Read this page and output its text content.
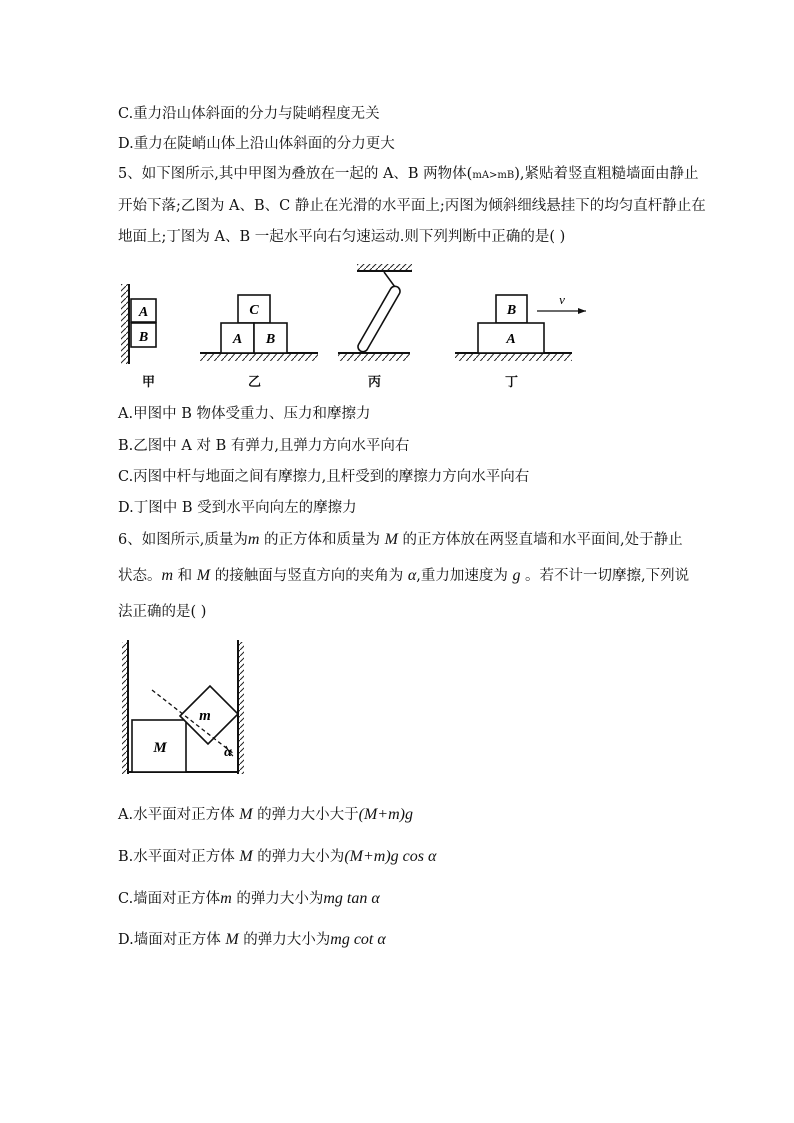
C.重力沿山体斜面的分力与陡峭程度无关
D.重力在陡峭山体上沿山体斜面的分力更大
5、如下图所示,其中甲图为叠放在一起的 A、B 两物体(mA>mB),紧贴着竖直粗糙墙面由静止
开始下落;乙图为 A、B、C 静止在光滑的水平面上;丙图为倾斜细线悬挂下的均匀直杆静止在
地面上;丁图为 A、B 一起水平向右匀速运动.则下列判断中正确的是( )
A
B
C
A B
B
A
v
甲	乙	丙	丁
A.甲图中 B 物体受重力、压力和摩擦力
B.乙图中 A 对 B 有弹力,且弹力方向水平向右
C.丙图中杆与地面之间有摩擦力,且杆受到的摩擦力方向水平向右
D.丁图中 B 受到水平向向左的摩擦力
6、如图所示,质量为m 的正方体和质量为 M 的正方体放在两竖直墙和水平面间,处于静止
状态。m 和 M 的接触面与竖直方向的夹角为 α,重力加速度为 g 。若不计一切摩擦,下列说
法正确的是( )
m
M	α
A.水平面对正方体 M 的弹力大小大于(M+m)g
B.水平面对正方体 M 的弹力大小为(M+m)g cos α
C.墙面对正方体m 的弹力大小为mg tan α
D.墙面对正方体 M 的弹力大小为mg cot α
